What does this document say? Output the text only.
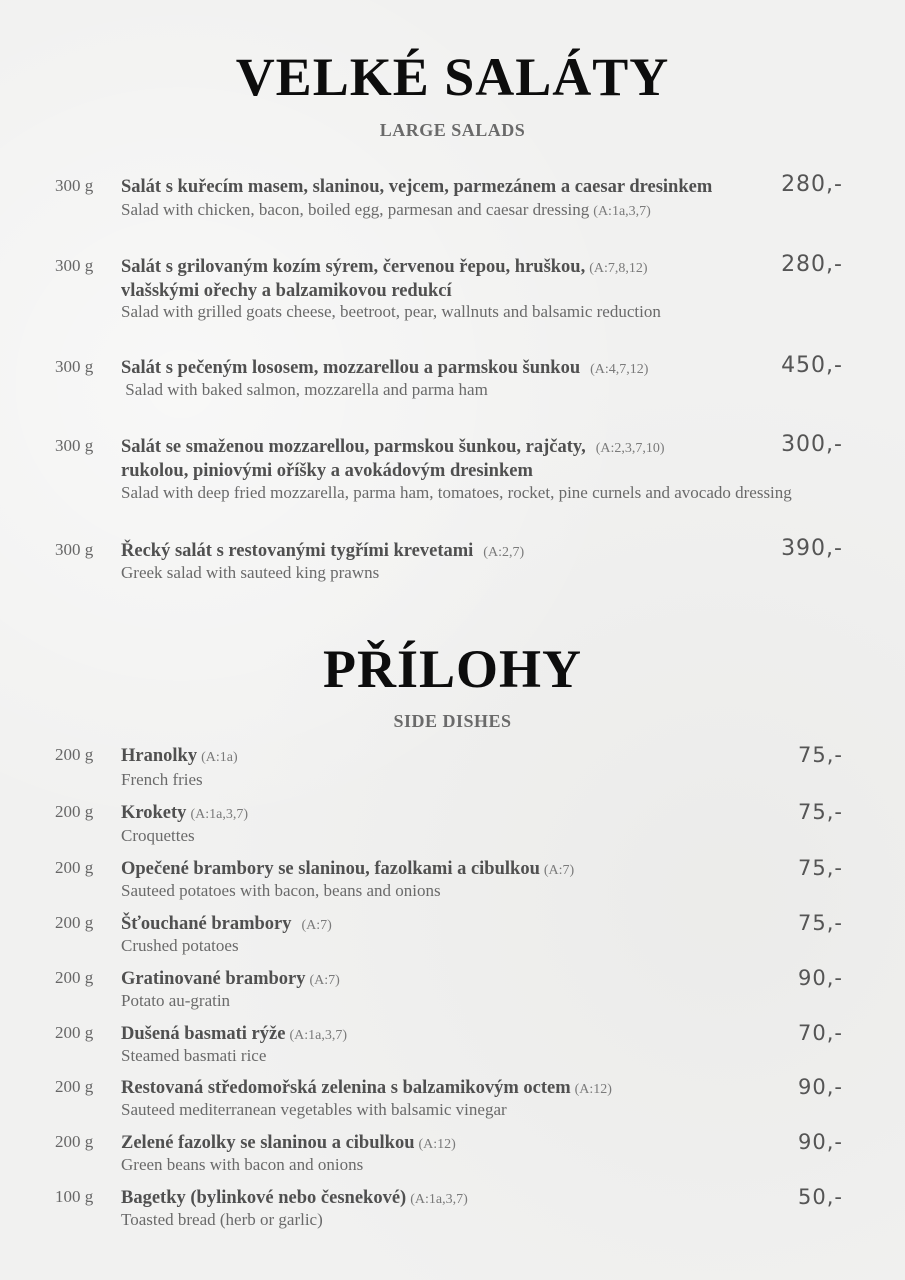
VELKÉ SALÁTY
LARGE SALADS
300 g Salát s kuřecím masem, slaninou, vejcem, parmezánem a caesar dresinkem
Salad with chicken, bacon, boiled egg, parmesan and caesar dressing (A:1a,3,7)
280,-
300 g Salát s grilovaným kozím sýrem, červenou řepou, hruškou, (A:7,8,12)
vlašskými ořechy a balzamikovou redukcí
Salad with grilled goats cheese, beetroot, pear, wallnuts and balsamic reduction
280,-
300 g Salát s pečeným lososem, mozzarellou a parmskou šunkou (A:4,7,12)
Salad with baked salmon, mozzarella and parma ham
450,-
300 g Salát se smaženou mozzarellou, parmskou šunkou, rajčaty, (A:2,3,7,10)
rukolou, piniovými oříšky a avokádovým dresinkem
Salad with deep fried mozzarella, parma ham, tomatoes, rocket, pine curnels and avocado dressing
300,-
300 g Řecký salát s restovanými tygřími krevetami (A:2,7)
Greek salad with sauteed king prawns
390,-
PŘÍLOHY
SIDE DISHES
200 g Hranolky (A:1a)
French fries
75,-
200 g Krokety (A:1a,3,7)
Croquettes
75,-
200 g Opečené brambory se slaninou, fazolkami a cibulkou (A:7)
Sauteed potatoes with bacon, beans and onions
75,-
200 g Šťouchané brambory (A:7)
Crushed potatoes
75,-
200 g Gratinované brambory (A:7)
Potato au-gratin
90,-
200 g Dušená basmati rýže (A:1a,3,7)
Steamed basmati rice
70,-
200 g Restovaná středomořská zelenina s balzamikovým octem (A:12)
Sauteed mediterranean vegetables with balsamic vinegar
90,-
200 g Zelené fazolky se slaninou a cibulkou (A:12)
Green beans with bacon and onions
90,-
100 g Bagetky (bylinkové nebo česnekové) (A:1a,3,7)
Toasted bread (herb or garlic)
50,-
